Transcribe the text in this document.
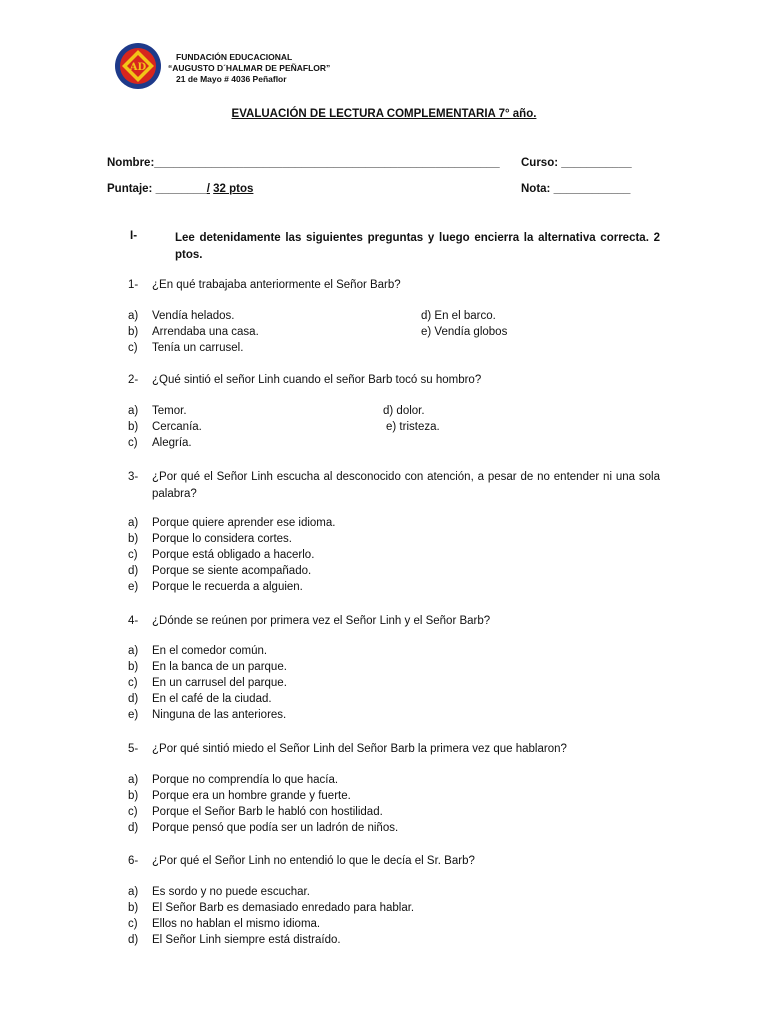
AD
FUNDACIÓN EDUCACIONAL
“AUGUSTO D´HALMAR DE PEÑAFLOR”
21 de Mayo # 4036 Peñaflor
EVALUACIÓN DE LECTURA COMPLEMENTARIA 7° año.
Nombre:______________________________________________________ Curso: ___________
Puntaje: ________/ 32 ptos	Nota: ____________
I-	Lee detenidamente las siguientes preguntas y luego encierra la alternativa correcta. 2 ptos.
1- ¿En qué trabajaba anteriormente el Señor Barb?
a) Vendía helados.
b) Arrendaba una casa.
c) Tenía un carrusel.
d) En el barco.
e) Vendía globos
2- ¿Qué sintió el señor Linh cuando el señor Barb tocó su hombro?
a) Temor.
b) Cercanía.
c) Alegría.
d) dolor.
e) tristeza.
3- ¿Por qué el Señor Linh escucha al desconocido con atención, a pesar de no entender ni una sola palabra?
a) Porque quiere aprender ese idioma.
b) Porque lo considera cortes.
c) Porque está obligado a hacerlo.
d) Porque se siente acompañado.
e) Porque le recuerda a alguien.
4- ¿Dónde se reúnen por primera vez el Señor Linh y el Señor Barb?
a) En el comedor común.
b) En la banca de un parque.
c) En un carrusel del parque.
d) En el café de la ciudad.
e) Ninguna de las anteriores.
5- ¿Por qué sintió miedo el Señor Linh del Señor Barb la primera vez que hablaron?
a) Porque no comprendía lo que hacía.
b) Porque era un hombre grande y fuerte.
c) Porque el Señor Barb le habló con hostilidad.
d) Porque pensó que podía ser un ladrón de niños.
6- ¿Por qué el Señor Linh no entendió lo que le decía el Sr. Barb?
a) Es sordo y no puede escuchar.
b) El Señor Barb es demasiado enredado para hablar.
c) Ellos no hablan el mismo idioma.
d) El Señor Linh siempre está distraído.
